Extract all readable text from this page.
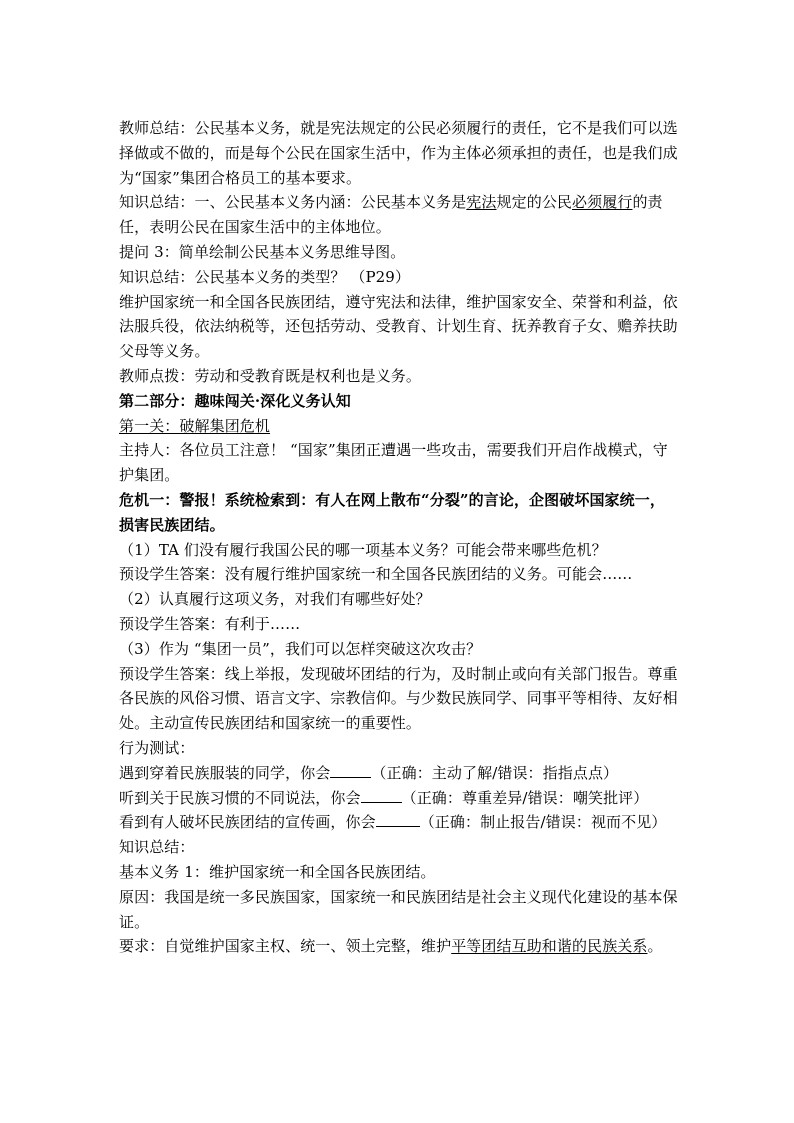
教师总结：公民基本义务，就是宪法规定的公民必须履行的责任，它不是我们可以选择做或不做的，而是每个公民在国家生活中，作为主体必须承担的责任，也是我们成为“国家”集团合格员工的基本要求。

知识总结：一、公民基本义务内涵：公民基本义务是宪法规定的公民必须履行的责任，表明公民在国家生活中的主体地位。

提问 3：简单绘制公民基本义务思维导图。

知识总结：公民基本义务的类型？ （P29）

维护国家统一和全国各民族团结，遵守宪法和法律，维护国家安全、荣誉和利益，依法服兵役，依法纳税等，还包括劳动、受教育、计划生育、抚养教育子女、赡养扶助父母等义务。

教师点拨：劳动和受教育既是权利也是义务。

第二部分：趣味闯关·深化义务认知

第一关：破解集团危机

主持人：各位员工注意！ “国家”集团正遭遇一些攻击，需要我们开启作战模式，守护集团。

危机一：警报！系统检索到：有人在网上散布“分裂”的言论，企图破坏国家统一，损害民族团结。

（1）TA 们没有履行我国公民的哪一项基本义务？可能会带来哪些危机？

预设学生答案：没有履行维护国家统一和全国各民族团结的义务。可能会……

（2）认真履行这项义务，对我们有哪些好处？

预设学生答案：有利于……

（3）作为 “集团一员”，我们可以怎样突破这次攻击？

预设学生答案：线上举报，发现破坏团结的行为，及时制止或向有关部门报告。尊重各民族的风俗习惯、语言文字、宗教信仰。与少数民族同学、同事平等相待、友好相处。主动宣传民族团结和国家统一的重要性。

行为测试：

遇到穿着民族服装的同学，你会	（正确：主动了解/错误：指指点点）

听到关于民族习惯的不同说法，你会	（正确：尊重差异/错误：嘲笑批评）

看到有人破坏民族团结的宣传画，你会	（正确：制止报告/错误：视而不见）

知识总结：

基本义务 1：维护国家统一和全国各民族团结。

原因：我国是统一多民族国家，国家统一和民族团结是社会主义现代化建设的基本保证。

要求：自觉维护国家主权、统一、领土完整，维护平等团结互助和谐的民族关系。
